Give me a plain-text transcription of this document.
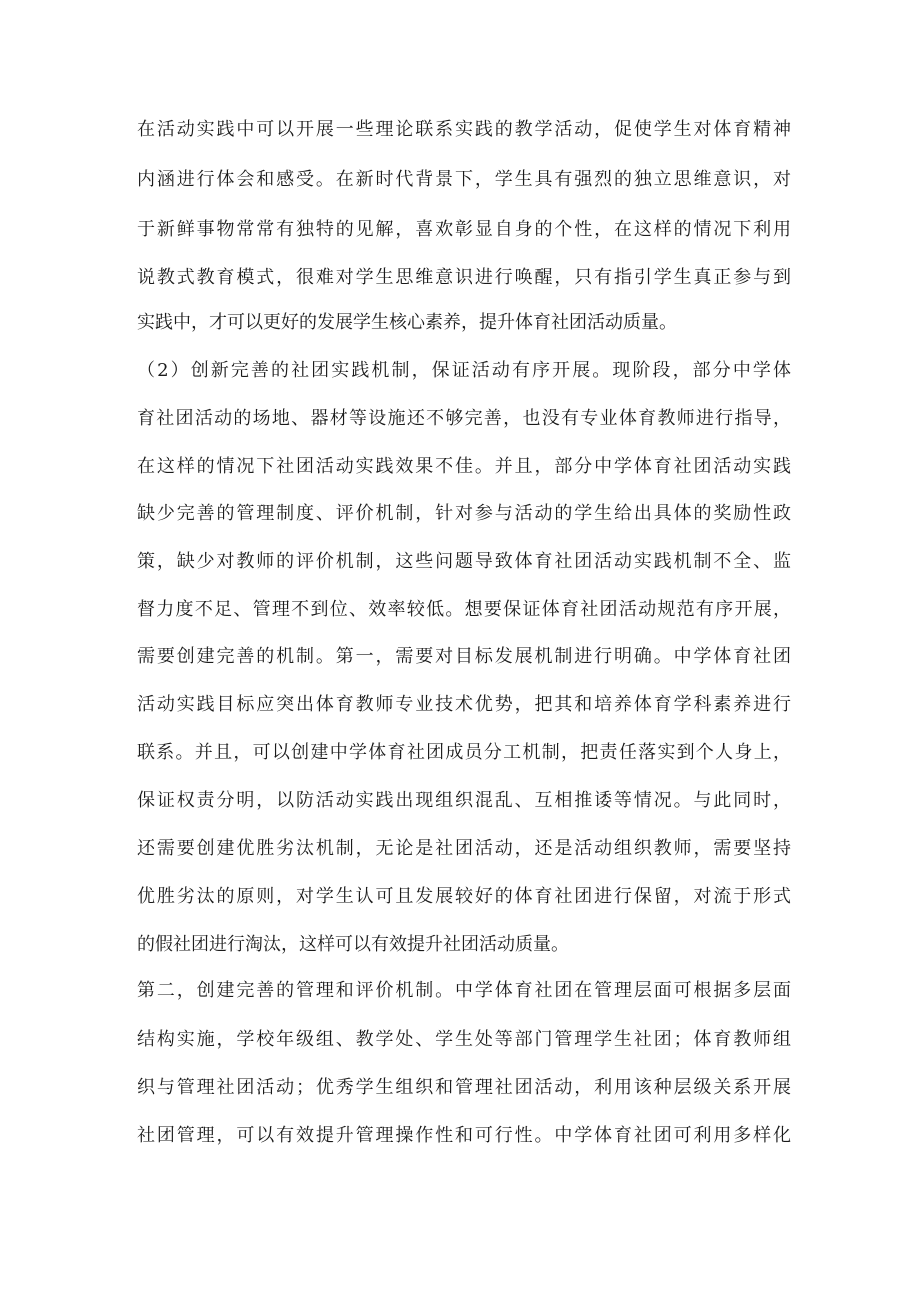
在活动实践中可以开展一些理论联系实践的教学活动，促使学生对体育精神
内涵进行体会和感受。在新时代背景下，学生具有强烈的独立思维意识，对
于新鲜事物常常有独特的见解，喜欢彰显自身的个性，在这样的情况下利用
说教式教育模式，很难对学生思维意识进行唤醒，只有指引学生真正参与到
实践中，才可以更好的发展学生核心素养，提升体育社团活动质量。
（2）创新完善的社团实践机制，保证活动有序开展。现阶段，部分中学体
育社团活动的场地、器材等设施还不够完善，也没有专业体育教师进行指导，
在这样的情况下社团活动实践效果不佳。并且，部分中学体育社团活动实践
缺少完善的管理制度、评价机制，针对参与活动的学生给出具体的奖励性政
策，缺少对教师的评价机制，这些问题导致体育社团活动实践机制不全、监
督力度不足、管理不到位、效率较低。想要保证体育社团活动规范有序开展，
需要创建完善的机制。第一，需要对目标发展机制进行明确。中学体育社团
活动实践目标应突出体育教师专业技术优势，把其和培养体育学科素养进行
联系。并且，可以创建中学体育社团成员分工机制，把责任落实到个人身上，
保证权责分明，以防活动实践出现组织混乱、互相推诿等情况。与此同时，
还需要创建优胜劣汰机制，无论是社团活动，还是活动组织教师，需要坚持
优胜劣汰的原则，对学生认可且发展较好的体育社团进行保留，对流于形式
的假社团进行淘汰，这样可以有效提升社团活动质量。
第二，创建完善的管理和评价机制。中学体育社团在管理层面可根据多层面
结构实施，学校年级组、教学处、学生处等部门管理学生社团；体育教师组
织与管理社团活动；优秀学生组织和管理社团活动，利用该种层级关系开展
社团管理，可以有效提升管理操作性和可行性。中学体育社团可利用多样化
